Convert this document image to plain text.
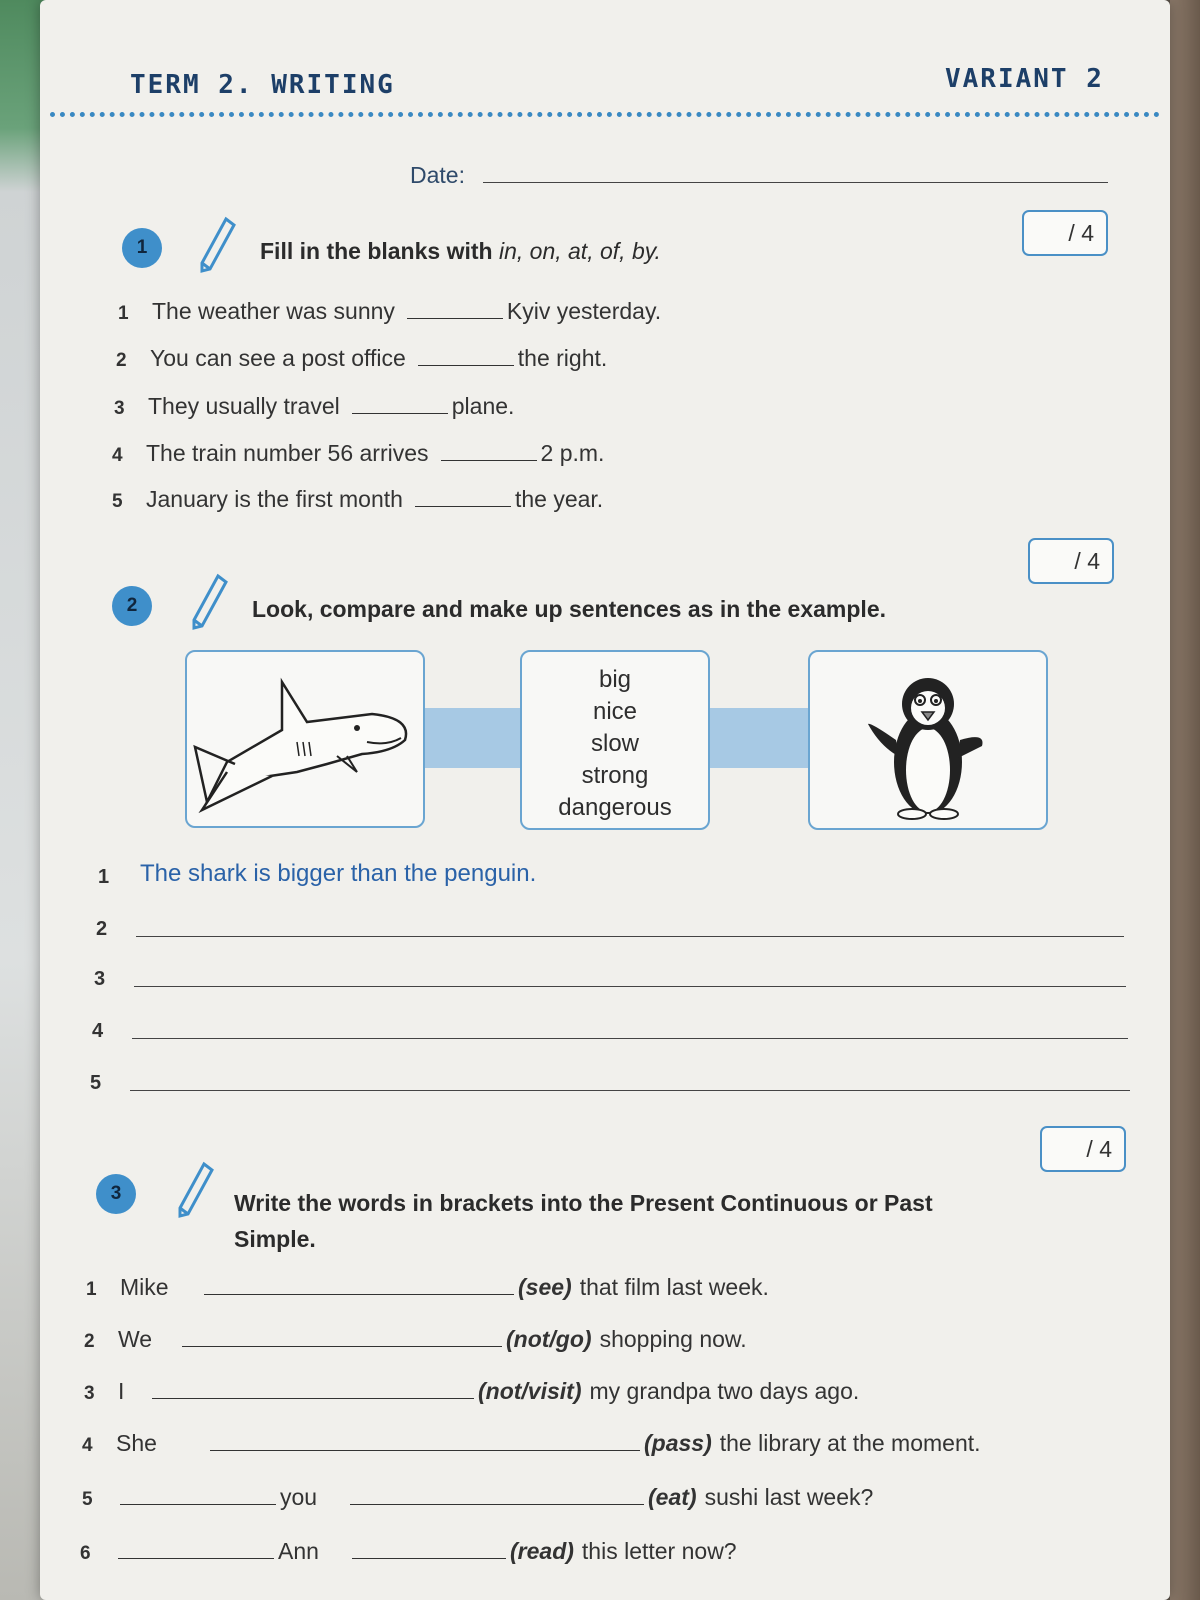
TERM 2. WRITING	VARIANT 2
Date:
/ 4
1	Fill in the blanks with in, on, at, of, by.
1	The weather was sunny	Kyiv yesterday.
2	You can see a post office	the right.
3	They usually travel	plane.
4	The train number 56 arrives	2 p.m.
5	January is the first month	the year.
/ 4
2	Look, compare and make up sentences as in the example.
big
nice
slow
strong
dangerous
1 The shark is bigger than the penguin.
2
3
4
5
/ 4
3	Write the words in brackets into the Present Continuous or Past
Simple.
1	Mike	(see) that film last week.
2	We	(not/go) shopping now.
3	I	(not/visit) my grandpa two days ago.
4	She	(pass) the library at the moment.
5	you	(eat) sushi last week?
6	Ann	(read) this letter now?
